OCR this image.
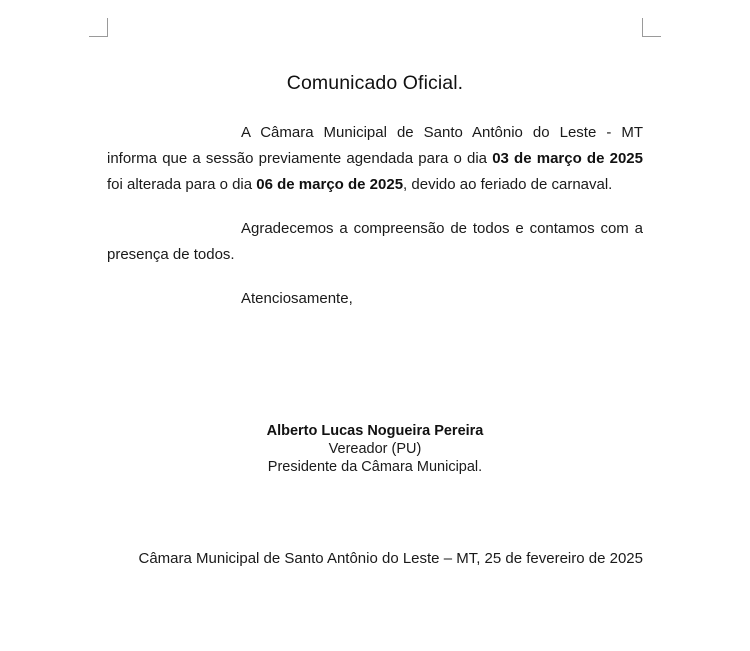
Comunicado Oficial.

A Câmara Municipal de Santo Antônio do Leste - MT informa que a sessão previamente agendada para o dia 03 de março de 2025 foi alterada para o dia 06 de março de 2025, devido ao feriado de carnaval.

Agradecemos a compreensão de todos e contamos com a presença de todos.

Atenciosamente,

Alberto Lucas Nogueira Pereira
Vereador (PU)
Presidente da Câmara Municipal.
Câmara Municipal de Santo Antônio do Leste – MT, 25 de fevereiro de 2025
